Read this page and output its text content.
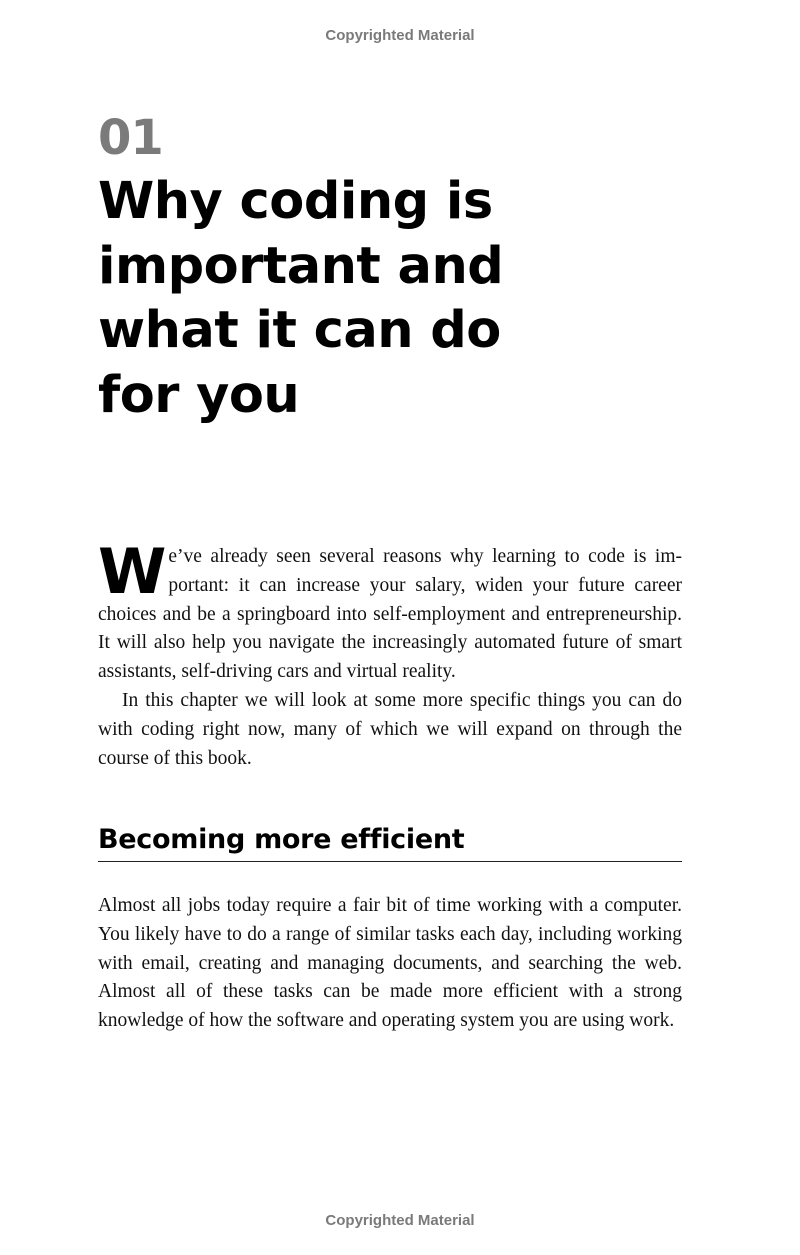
Copyrighted Material
01
Why coding is important and what it can do for you
W e’ve already seen several reasons why learning to code is important: it can increase your salary, widen your future career choices and be a springboard into self-employment and entrepreneurship. It will also help you navigate the increasingly automated future of smart assistants, self-driving cars and virtual reality.
In this chapter we will look at some more specific things you can do with coding right now, many of which we will expand on through the course of this book.
Becoming more efficient
Almost all jobs today require a fair bit of time working with a computer. You likely have to do a range of similar tasks each day, including working with email, creating and managing documents, and searching the web. Almost all of these tasks can be made more efficient with a strong knowledge of how the software and operating system you are using work.
Copyrighted Material
